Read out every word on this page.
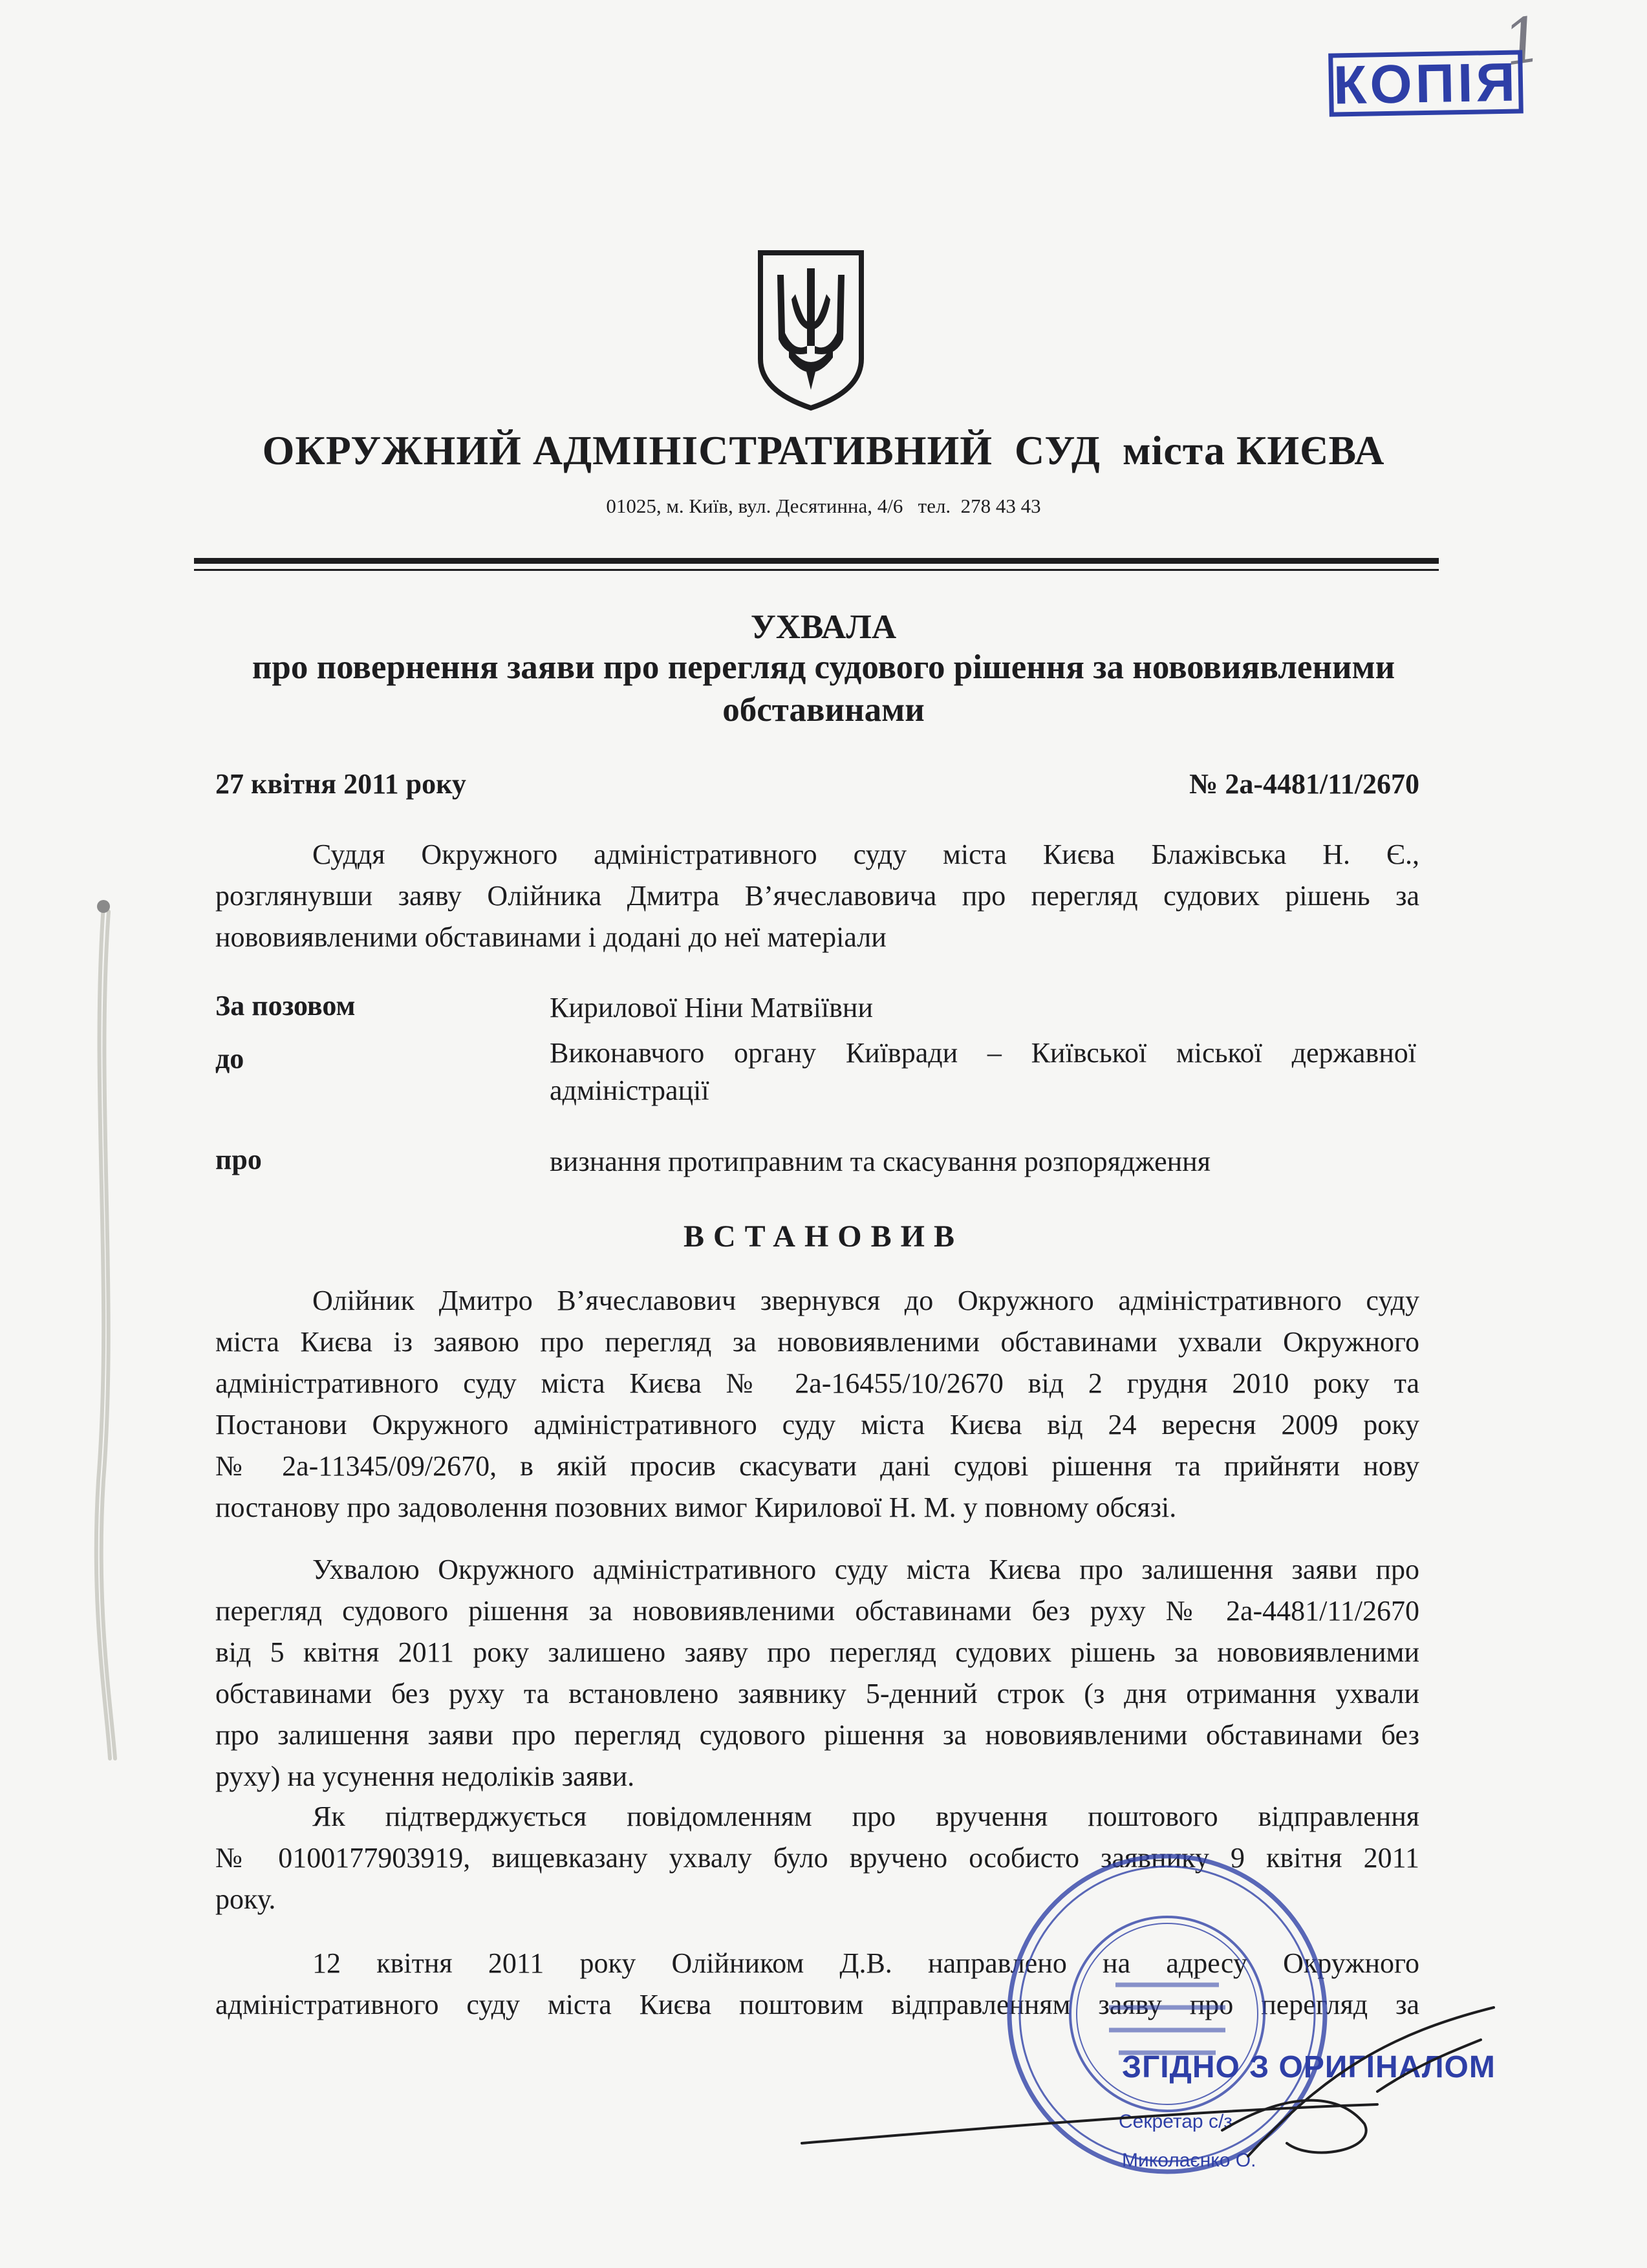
1
КОПІЯ
ОКРУЖНИЙ АДМІНІСТРАТИВНИЙ  СУД  міста КИЄВА
01025, м. Київ, вул. Десятинна, 4/6   тел.  278 43 43
УХВАЛА
про повернення заяви про перегляд судового рішення за нововиявленими
обставинами
27 квітня 2011 року	№ 2а-4481/11/2670
Суддя Окружного адміністративного суду міста Києва Блажівська Н. Є.,
розглянувши заяву Олійника Дмитра В’ячеславовича про перегляд судових рішень за
нововиявленими обставинами і додані до неї матеріали
За позовом	Кирилової Ніни Матвіївни
до	Виконавчого органу Київради – Київської міської державної адміністрації
про	визнання протиправним та скасування розпорядження
ВСТАНОВИВ
Олійник Дмитро В’ячеславович звернувся до Окружного адміністративного суду
міста Києва із заявою про перегляд за нововиявленими обставинами ухвали Окружного
адміністративного суду міста Києва № 2а-16455/10/2670 від 2 грудня 2010 року та
Постанови Окружного адміністративного суду міста Києва від 24 вересня 2009 року
№ 2а-11345/09/2670, в якій просив скасувати дані судові рішення та прийняти нову
постанову про задоволення позовних вимог Кирилової Н. М. у повному обсязі.
Ухвалою Окружного адміністративного суду міста Києва про залишення заяви про
перегляд судового рішення за нововиявленими обставинами без руху № 2а-4481/11/2670
від 5 квітня 2011 року залишено заяву про перегляд судових рішень за нововиявленими
обставинами без руху та встановлено заявнику 5-денний строк (з дня отримання ухвали
про залишення заяви про перегляд судового рішення за нововиявленими обставинами без
руху) на усунення недоліків заяви.
Як підтверджується повідомленням про вручення поштового відправлення
№ 0100177903919, вищевказану ухвалу було вручено особисто заявнику 9 квітня 2011
року.
12 квітня 2011 року Олійником Д.В. направлено на адресу Окружного
адміністративного суду міста Києва поштовим відправленням заяву про перегляд за
ЗГІДНО З ОРИГІНАЛОМ
Секретар с/з
Миколаєнко О.
